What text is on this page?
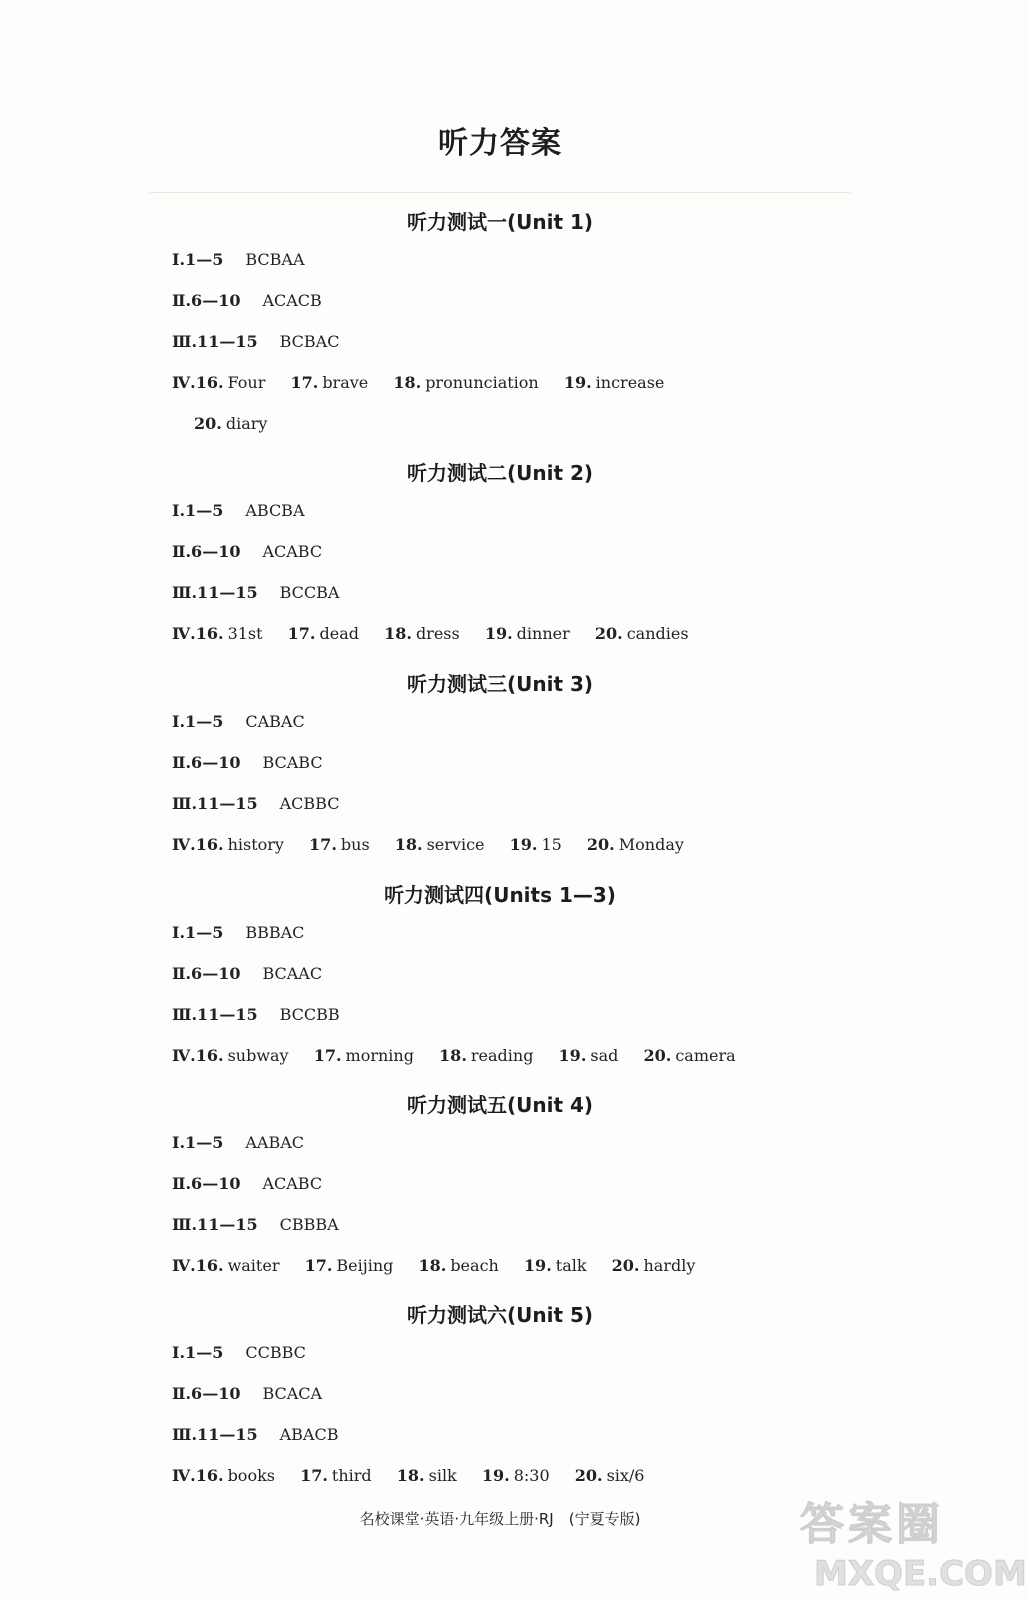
听力答案
听力测试一(Unit 1)
Ⅰ.1—5 BCBAA
Ⅱ.6—10 ACACB
Ⅲ.11—15 BCBAC
Ⅳ.16. Four 17. brave 18. pronunciation 19. increase
20. diary
听力测试二(Unit 2)
Ⅰ.1—5 ABCBA
Ⅱ.6—10 ACABC
Ⅲ.11—15 BCCBA
Ⅳ.16. 31st 17. dead 18. dress 19. dinner 20. candies
听力测试三(Unit 3)
Ⅰ.1—5 CABAC
Ⅱ.6—10 BCABC
Ⅲ.11—15 ACBBC
Ⅳ.16. history 17. bus 18. service 19. 15 20. Monday
听力测试四(Units 1—3)
Ⅰ.1—5 BBBAC
Ⅱ.6—10 BCAAC
Ⅲ.11—15 BCCBB
Ⅳ.16. subway 17. morning 18. reading 19. sad 20. camera
听力测试五(Unit 4)
Ⅰ.1—5 AABAC
Ⅱ.6—10 ACABC
Ⅲ.11—15 CBBBA
Ⅳ.16. waiter 17. Beijing 18. beach 19. talk 20. hardly
听力测试六(Unit 5)
Ⅰ.1—5 CCBBC
Ⅱ.6—10 BCACA
Ⅲ.11—15 ABACB
Ⅳ.16. books 17. third 18. silk 19. 8:30 20. six/6
名校课堂·英语·九年级上册·RJ　(宁夏专版)	答案圈
MXQE.COM
